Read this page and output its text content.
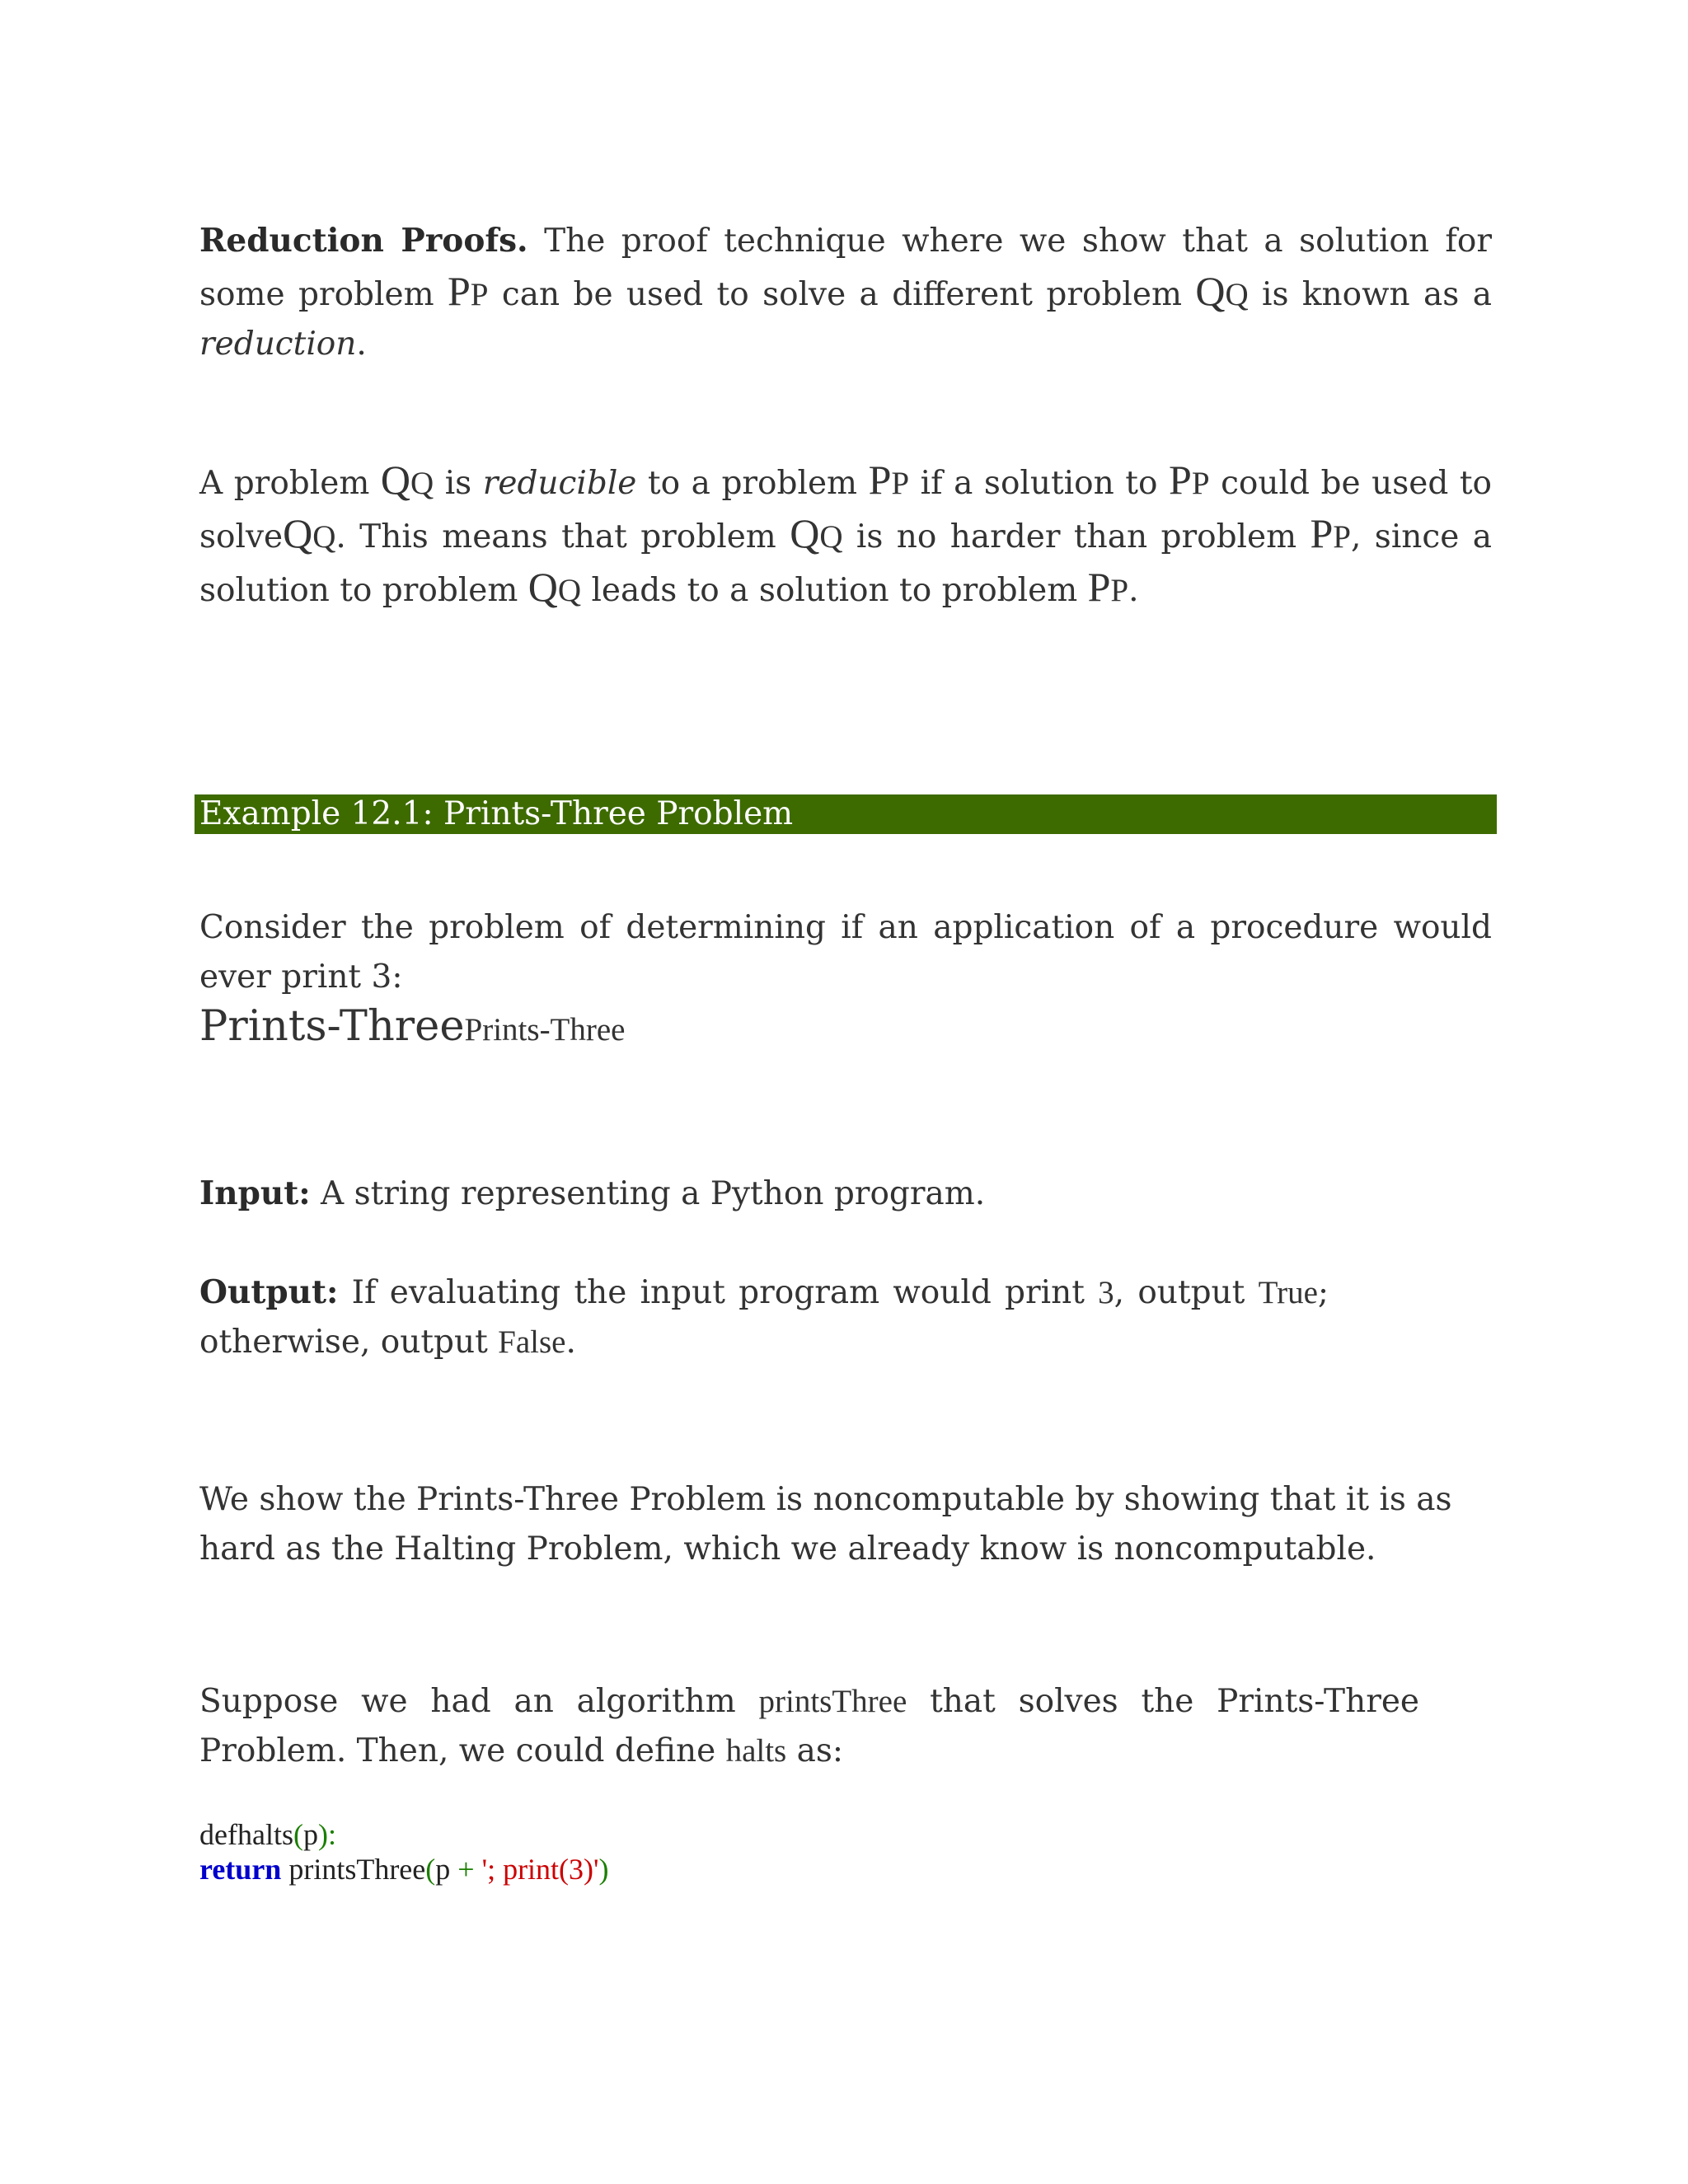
Reduction Proofs. The proof technique where we show that a solution for some problem PP can be used to solve a different problem QQ is known as a reduction.
A problem QQ is reducible to a problem PP if a solution to PP could be used to solveQQ. This means that problem QQ is no harder than problem PP, since a solution to problem QQ leads to a solution to problem PP.
Example 12.1: Prints-Three Problem
Consider the problem of determining if an application of a procedure would ever print 3:
Prints-ThreePrints-Three
Input: A string representing a Python program.
Output: If evaluating the input program would print 3, output True; otherwise, output False.
We show the Prints-Three Problem is noncomputable by showing that it is as hard as the Halting Problem, which we already know is noncomputable.
Suppose we had an algorithm printsThree that solves the Prints-Three Problem. Then, we could define halts as:
defhalts(p):
return printsThree(p + '; print(3)')
